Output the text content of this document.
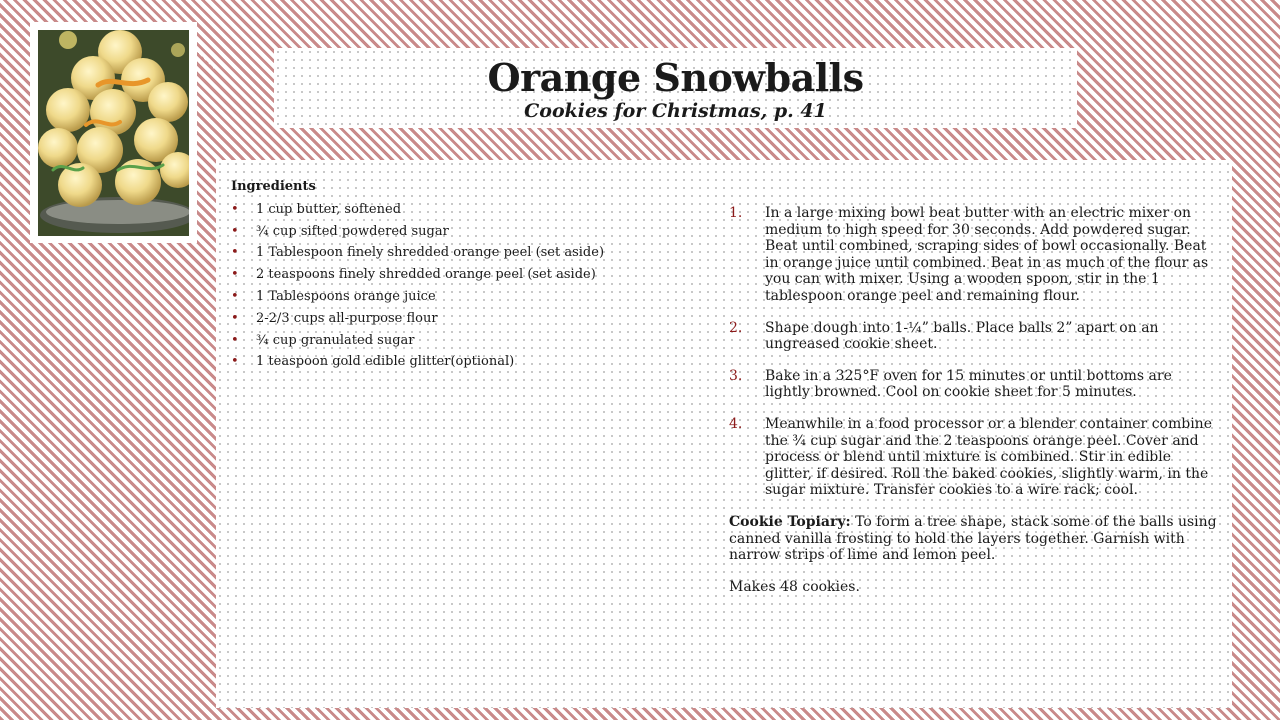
Orange Snowballs
Cookies for Christmas, p. 41
Ingredients
• 1 cup butter, softened
• ¾ cup sifted powdered sugar
• 1 Tablespoon finely shredded orange peel (set aside)
• 2 teaspoons finely shredded orange peel (set aside)
• 1 Tablespoons orange juice
• 2-2/3 cups all-purpose flour
• ¾ cup granulated sugar
• 1 teaspoon gold edible glitter(optional)
1. In a large mixing bowl beat butter with an electric mixer on medium to high speed for 30 seconds. Add powdered sugar. Beat until combined, scraping sides of bowl occasionally. Beat in orange juice until combined. Beat in as much of the flour as you can with mixer. Using a wooden spoon, stir in the 1 tablespoon orange peel and remaining flour.
2. Shape dough into 1-¼” balls. Place balls 2” apart on an ungreased cookie sheet.
3. Bake in a 325°F oven for 15 minutes or until bottoms are lightly browned. Cool on cookie sheet for 5 minutes.
4. Meanwhile in a food processor or a blender container combine the ¾ cup sugar and the 2 teaspoons orange peel. Cover and process or blend until mixture is combined. Stir in edible glitter, if desired. Roll the baked cookies, slightly warm, in the sugar mixture. Transfer cookies to a wire rack; cool.

Cookie Topiary: To form a tree shape, stack some of the balls using canned vanilla frosting to hold the layers together. Garnish with narrow strips of lime and lemon peel.

Makes 48 cookies.
